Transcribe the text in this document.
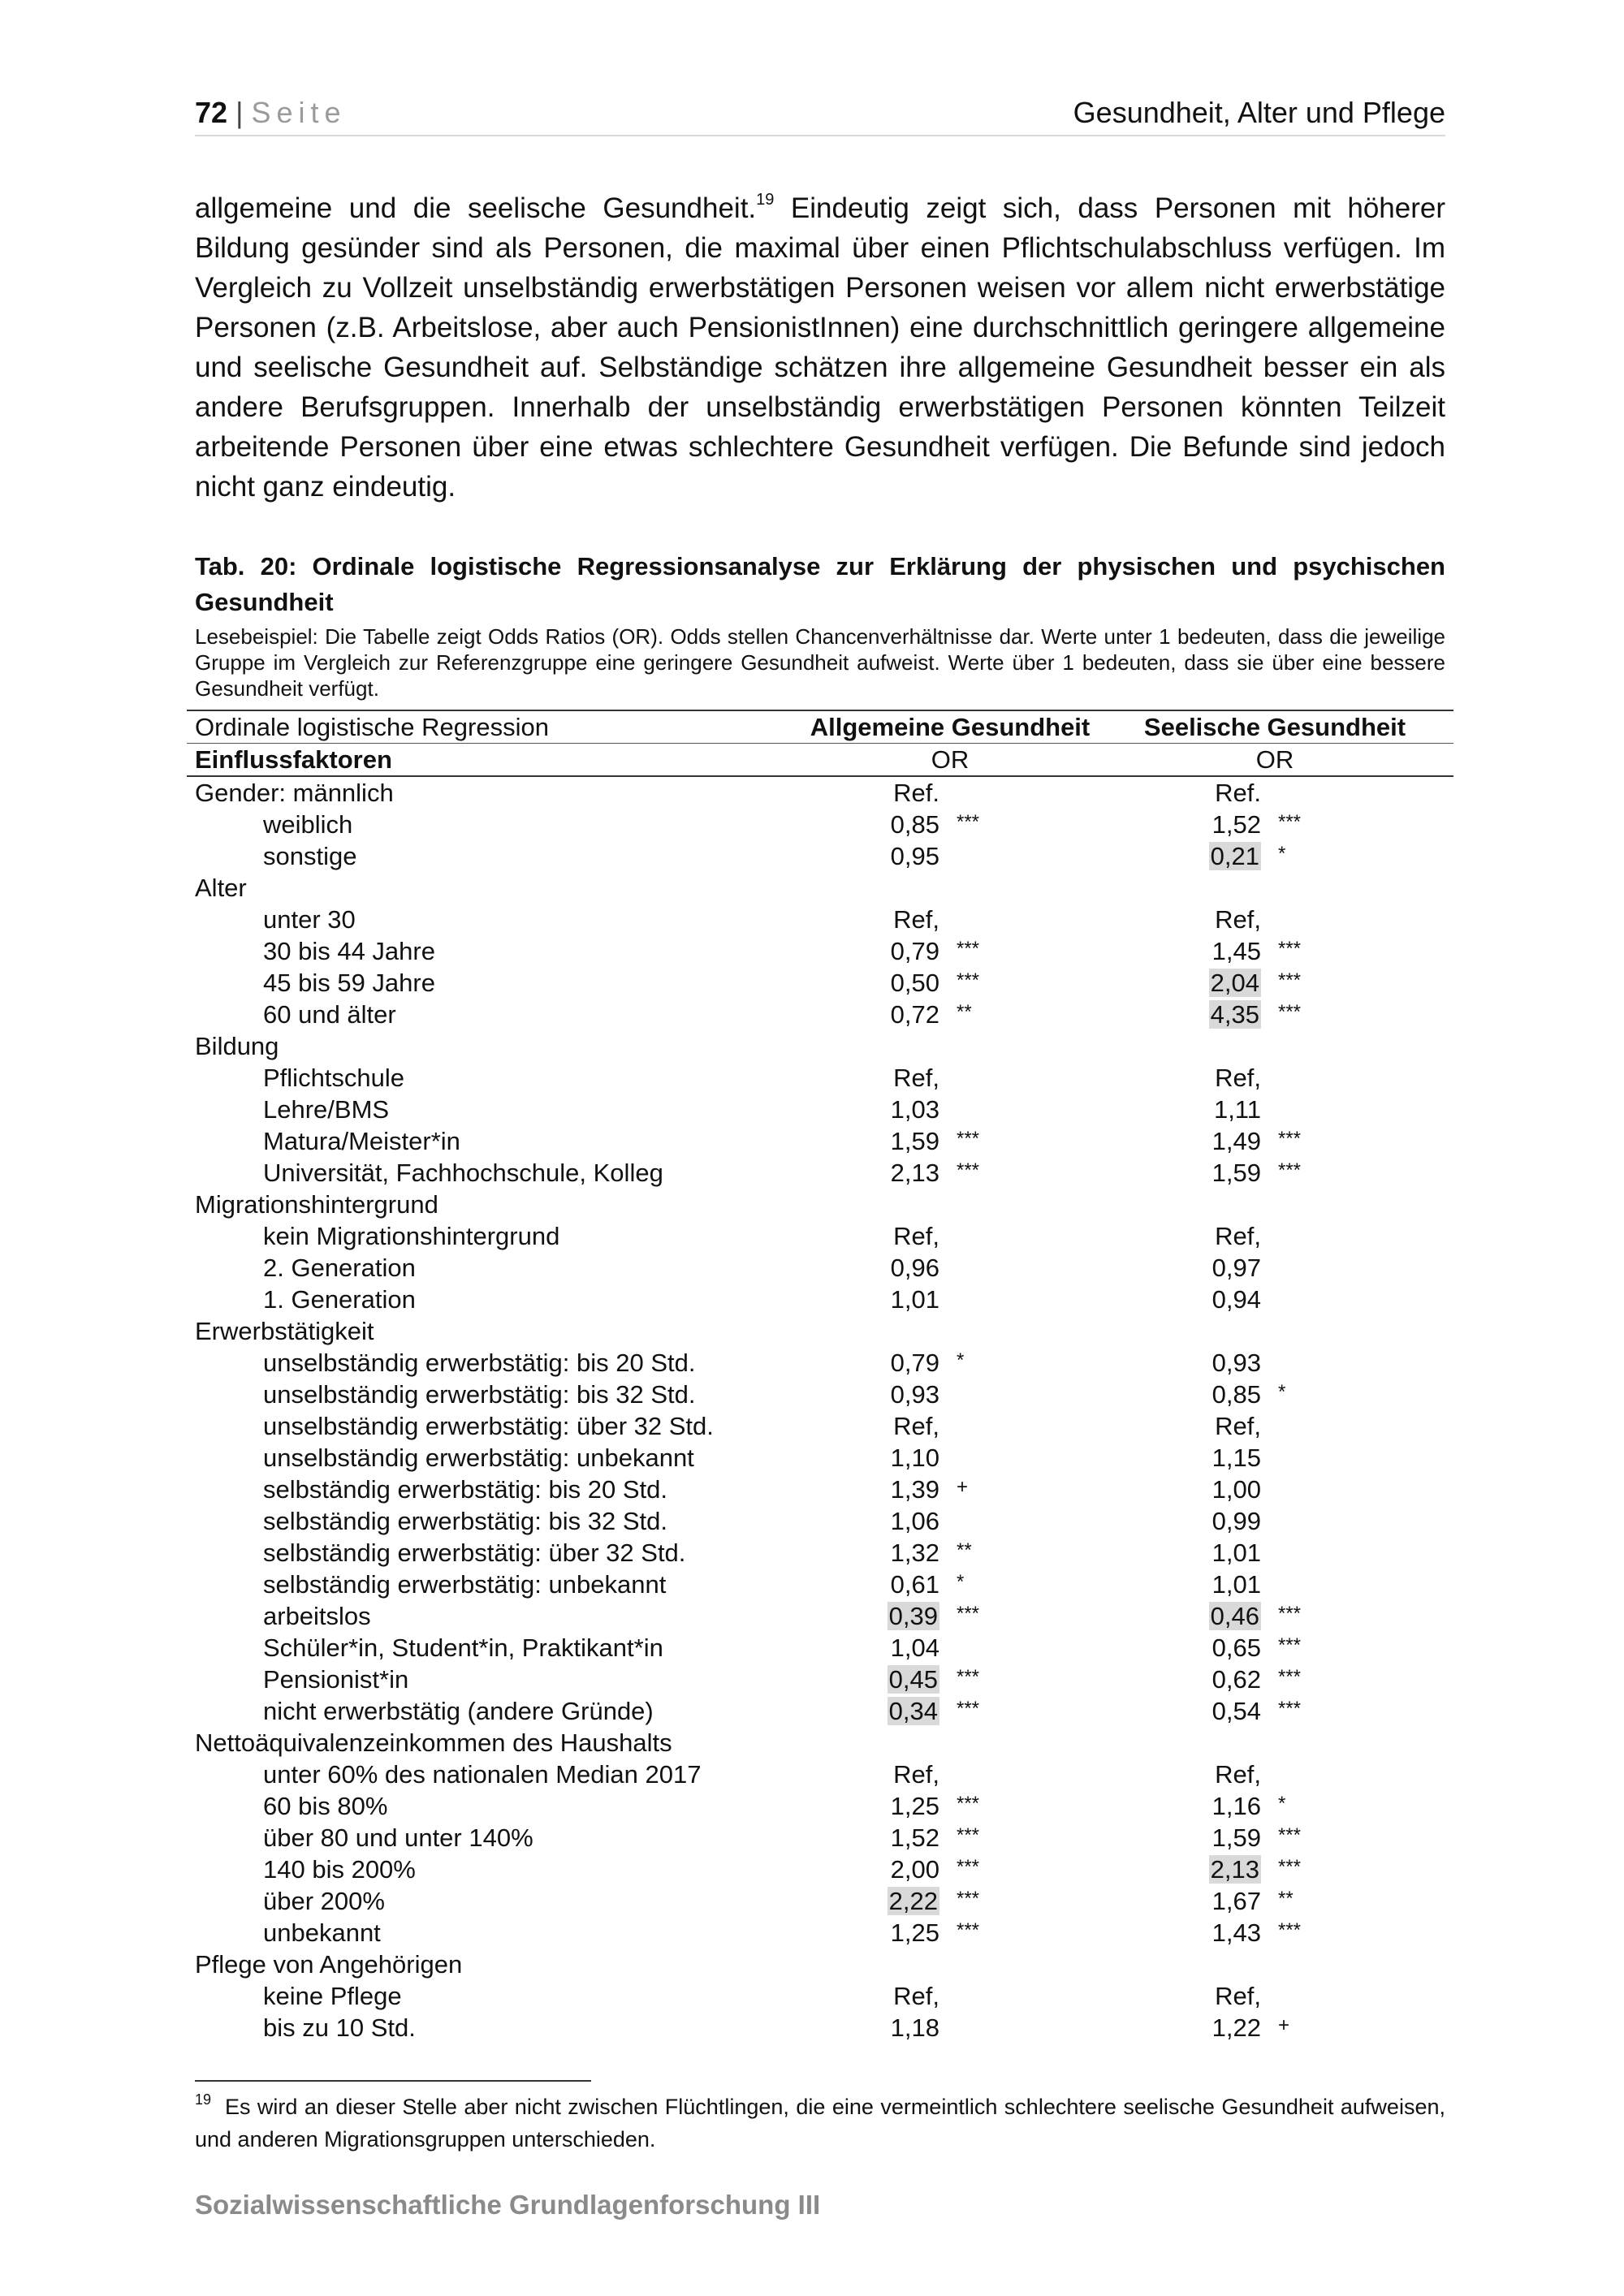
72 | Seite	Gesundheit, Alter und Pflege

allgemeine und die seelische Gesundheit.$^{19}$ Eindeutig zeigt sich, dass Personen mit höherer Bildung gesünder sind als Personen, die maximal über einen Pflichtschulabschluss verfügen. Im Vergleich zu Vollzeit unselbständig erwerbstätigen Personen weisen vor allem nicht erwerbstätige Personen (z.B. Arbeitslose, aber auch PensionistInnen) eine durchschnittlich geringere allgemeine und seelische Gesundheit auf. Selbständige schätzen ihre allgemeine Gesundheit besser ein als andere Berufsgruppen. Innerhalb der unselbständig erwerbstätigen Personen könnten Teilzeit arbeitende Personen über eine etwas schlechtere Gesundheit verfügen. Die Befunde sind jedoch nicht ganz eindeutig.

Tab. 20: Ordinale logistische Regressionsanalyse zur Erklärung der physischen und psychischen Gesundheit
Lesebeispiel: Die Tabelle zeigt Odds Ratios (OR). Odds stellen Chancenverhältnisse dar. Werte unter 1 bedeuten, dass die jeweilige Gruppe im Vergleich zur Referenzgruppe eine geringere Gesundheit aufweist. Werte über 1 bedeuten, dass sie über eine bessere Gesundheit verfügt.
Ordinale logistische Regression	Allgemeine Gesundheit	Seelische Gesundheit
Einflussfaktoren	OR	OR
Gender: männlich	Ref.	Ref.
weiblich	0,85 ***	1,52 ***
sonstige	0,95	0,21 *
Alter
unter 30	Ref,	Ref,
30 bis 44 Jahre	0,79 ***	1,45 ***
45 bis 59 Jahre	0,50 ***	2,04 ***
60 und älter	0,72 **	4,35 ***
Bildung
Pflichtschule	Ref,	Ref,
Lehre/BMS	1,03	1,11
Matura/Meister*in	1,59 ***	1,49 ***
Universität, Fachhochschule, Kolleg	2,13 ***	1,59 ***
Migrationshintergrund
kein Migrationshintergrund	Ref,	Ref,
2. Generation	0,96	0,97
1. Generation	1,01	0,94
Erwerbstätigkeit
unselbständig erwerbstätig: bis 20 Std.	0,79 *	0,93
unselbständig erwerbstätig: bis 32 Std.	0,93	0,85 *
unselbständig erwerbstätig: über 32 Std.	Ref,	Ref,
unselbständig erwerbstätig: unbekannt	1,10	1,15
selbständig erwerbstätig: bis 20 Std.	1,39 +	1,00
selbständig erwerbstätig: bis 32 Std.	1,06	0,99
selbständig erwerbstätig: über 32 Std.	1,32 **	1,01
selbständig erwerbstätig: unbekannt	0,61 *	1,01
arbeitslos	0,39 ***	0,46 ***
Schüler*in, Student*in, Praktikant*in	1,04	0,65 ***
Pensionist*in	0,45 ***	0,62 ***
nicht erwerbstätig (andere Gründe)	0,34 ***	0,54 ***
Nettoäquivalenzeinkommen des Haushalts
unter 60% des nationalen Median 2017	Ref,	Ref,
60 bis 80%	1,25 ***	1,16 *
über 80 und unter 140%	1,52 ***	1,59 ***
140 bis 200%	2,00 ***	2,13 ***
über 200%	2,22 ***	1,67 **
unbekannt	1,25 ***	1,43 ***
Pflege von Angehörigen
keine Pflege	Ref,	Ref,
bis zu 10 Std.	1,18	1,22 +
$^{19}$ Es wird an dieser Stelle aber nicht zwischen Flüchtlingen, die eine vermeintlich schlechtere seelische Gesundheit aufweisen, und anderen Migrationsgruppen unterschieden.
Sozialwissenschaftliche Grundlagenforschung III
